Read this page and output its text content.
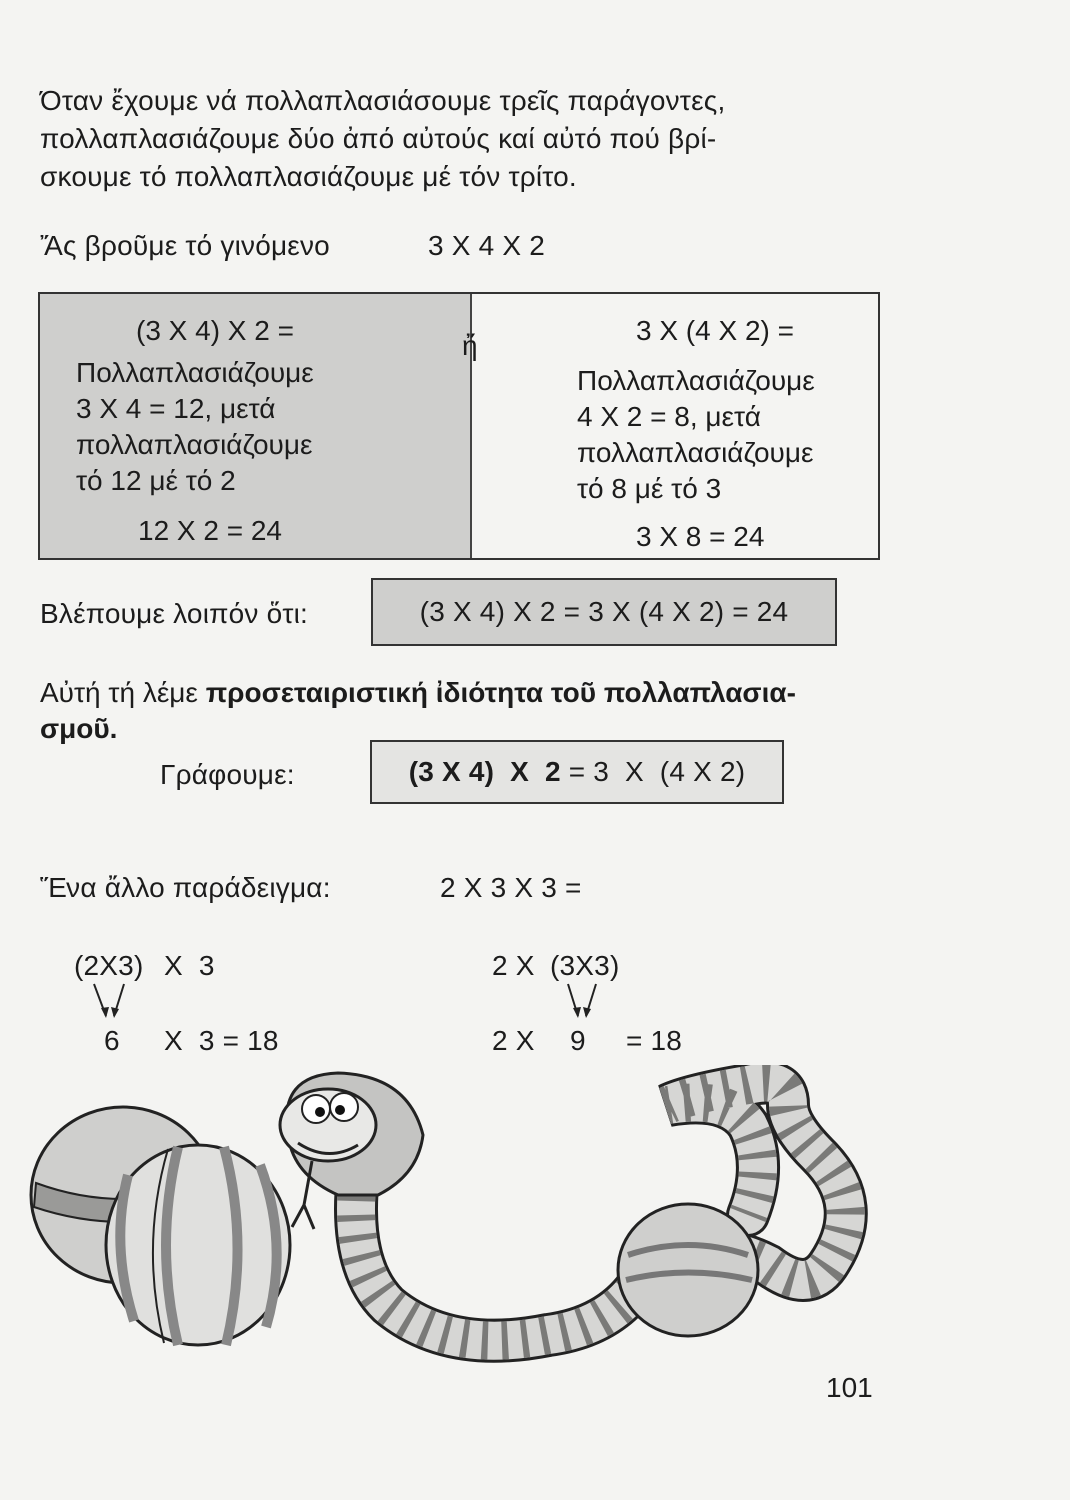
Όταν ἔχουμε νά πολλαπλασιάσουμε τρεῖς παράγοντες,
πολλαπλασιάζουμε δύο ἀπό αὐτούς καί αὐτό πού βρί-
σκουμε τό πολλαπλασιάζουμε μέ τόν τρίτο.
Ἄς βροῦμε τό γινόμενο	3 X 4 X 2
(3 X 4) X 2 =
Πολλαπλασιάζουμε
3 X 4 = 12, μετά
πολλαπλασιάζουμε
τό 12 μέ τό 2
12 X 2 = 24
3 X (4 X 2) =
Πολλαπλασιάζουμε
4 X 2 = 8, μετά
πολλαπλασιάζουμε
τό 8 μέ τό 3
3 X 8 = 24
ἤ
Βλέπουμε λοιπόν ὅτι:	(3 X 4) X 2 = 3 X (4 X 2) = 24
Αὐτή τή λέμε προσεταιριστική ἰδιότητα τοῦ πολλαπλασια-
σμοῦ.
Γράφουμε:	(3 X 4)  X  2 = 3  X  (4 X 2)
Ἕνα ἄλλο παράδειγμα:	2 X 3 X 3 =
(2X3) X  3
6 X  3 = 18
2 X (3X3)
2 X 9 = 18
101
